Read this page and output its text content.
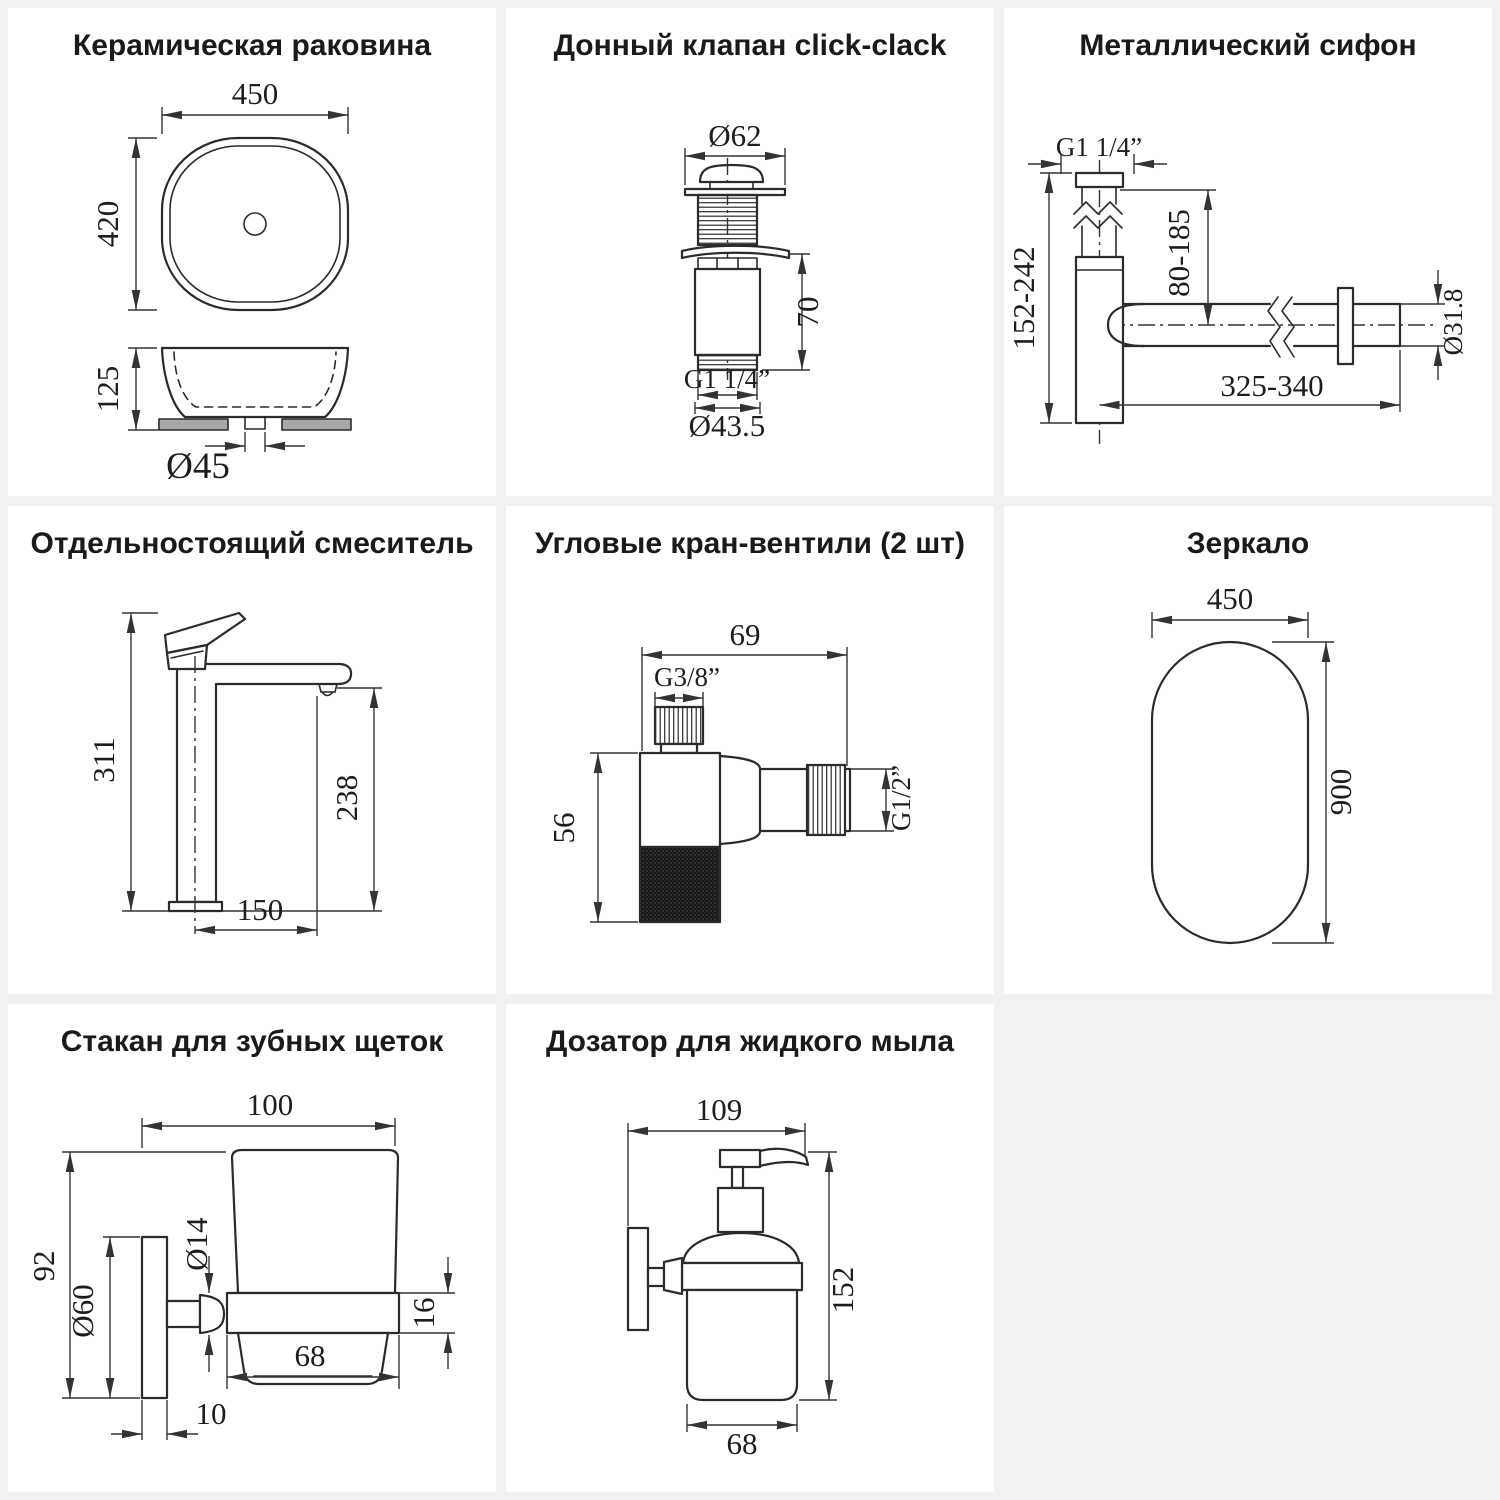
Керамическая раковина
450
420
125
Ø45
Донный клапан click-clack
Ø62
70
G1 1/4”
Ø43.5
Металлический сифон
G1 1/4”
152-242	80-185
Ø31.8
325-340
Отдельностоящий смеситель
311
238
150
Угловые кран-вентили (2 шт)
69
G3/8”
56	G1/2”
Зеркало
450
900
Стакан для зубных щеток
100
92
Ø60
Ø14
16
68
10
Дозатор для жидкого мыла
109
152
68
